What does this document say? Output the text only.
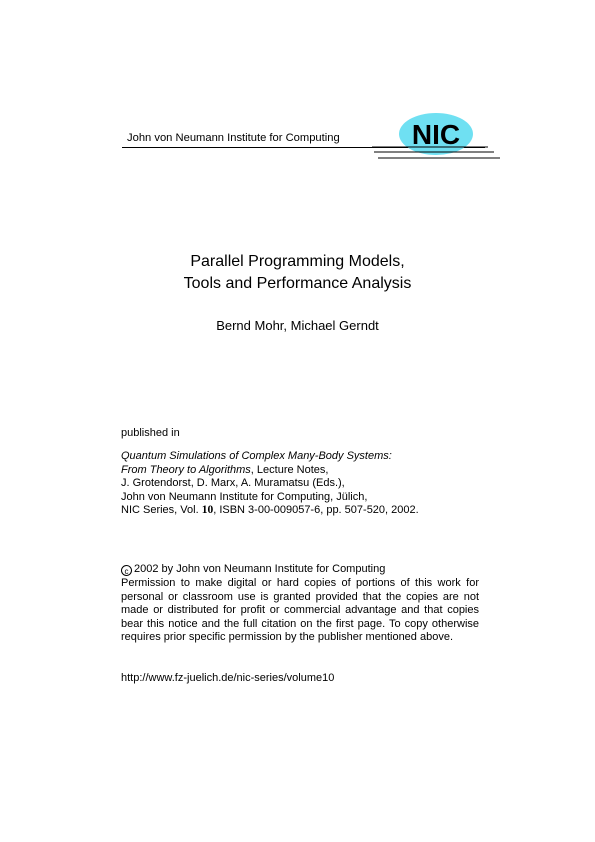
John von Neumann Institute for Computing	NIC
Parallel Programming Models,
Tools and Performance Analysis
Bernd Mohr, Michael Gerndt
published in
Quantum Simulations of Complex Many-Body Systems:
From Theory to Algorithms, Lecture Notes,
J. Grotendorst, D. Marx, A. Muramatsu (Eds.),
John von Neumann Institute for Computing, Jülich,
NIC Series, Vol. 10, ISBN 3-00-009057-6, pp. 507-520, 2002.
c 2002 by John von Neumann Institute for Computing
Permission to make digital or hard copies of portions of this work for personal or classroom use is granted provided that the copies are not made or distributed for profit or commercial advantage and that copies bear this notice and the full citation on the first page. To copy otherwise requires prior specific permission by the publisher mentioned above.
http://www.fz-juelich.de/nic-series/volume10
